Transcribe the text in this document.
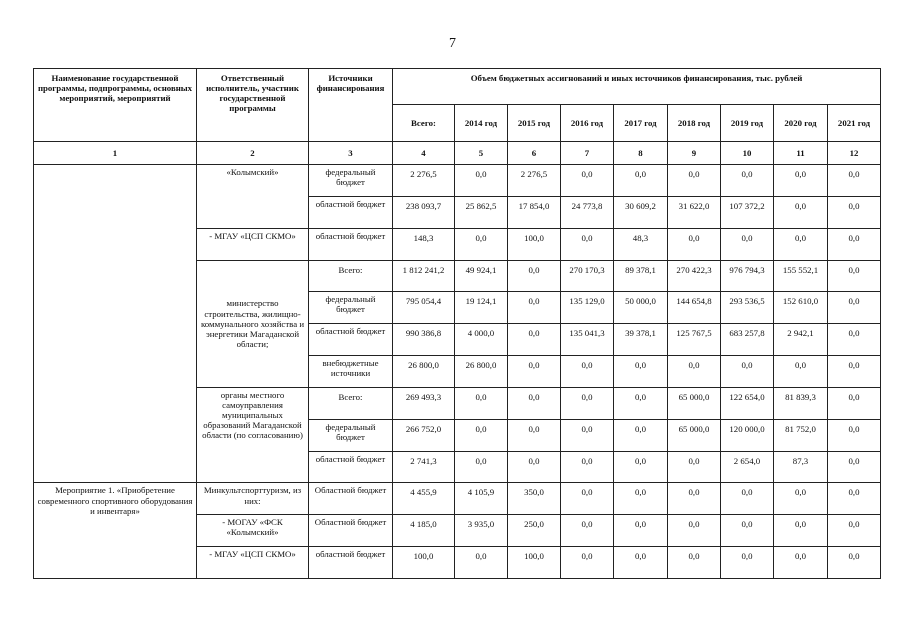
7
Наименование государственной программы, подпрограммы, основных мероприятий, мероприятий	Ответственный исполнитель, участник государственной программы	Источники финансирования	Объем бюджетных ассигнований и иных источников финансирования, тыс. рублей								
			Всего:	2014 год	2015 год	2016 год	2017 год	2018 год	2019 год	2020 год	2021 год
1	2	3	4	5	6	7	8	9	10	11	12
	«Колымский»	федеральный бюджет	2 276,5	0,0	2 276,5	0,0	0,0	0,0	0,0	0,0	0,0
		областной бюджет	238 093,7	25 862,5	17 854,0	24 773,8	30 609,2	31 622,0	107 372,2	0,0	0,0
	- МГАУ «ЦСП СКМО»	областной бюджет	148,3	0,0	100,0	0,0	48,3	0,0	0,0	0,0	0,0
	министерство строительства, жилищно-коммунального хозяйства и энергетики Магаданской области;	Всего:	1 812 241,2	49 924,1	0,0	270 170,3	89 378,1	270 422,3	976 794,3	155 552,1	0,0
		федеральный бюджет	795 054,4	19 124,1	0,0	135 129,0	50 000,0	144 654,8	293 536,5	152 610,0	0,0
		областной бюджет	990 386,8	4 000,0	0,0	135 041,3	39 378,1	125 767,5	683 257,8	2 942,1	0,0
		внебюджетные источники	26 800,0	26 800,0	0,0	0,0	0,0	0,0	0,0	0,0	0,0
	органы местного самоуправления муниципальных образований Магаданской области (по согласованию)	Всего:	269 493,3	0,0	0,0	0,0	0,0	65 000,0	122 654,0	81 839,3	0,0
		федеральный бюджет	266 752,0	0,0	0,0	0,0	0,0	65 000,0	120 000,0	81 752,0	0,0
		областной бюджет	2 741,3	0,0	0,0	0,0	0,0	0,0	2 654,0	87,3	0,0
Мероприятие 1. «Приобретение современного спортивного оборудования и инвентаря»	Минкультспорттуризм, из них:	Областной бюджет	4 455,9	4 105,9	350,0	0,0	0,0	0,0	0,0	0,0	0,0
	- МОГАУ «ФСК «Колымский»	Областной бюджет	4 185,0	3 935,0	250,0	0,0	0,0	0,0	0,0	0,0	0,0
	- МГАУ «ЦСП СКМО»	областной бюджет	100,0	0,0	100,0	0,0	0,0	0,0	0,0	0,0	0,0
